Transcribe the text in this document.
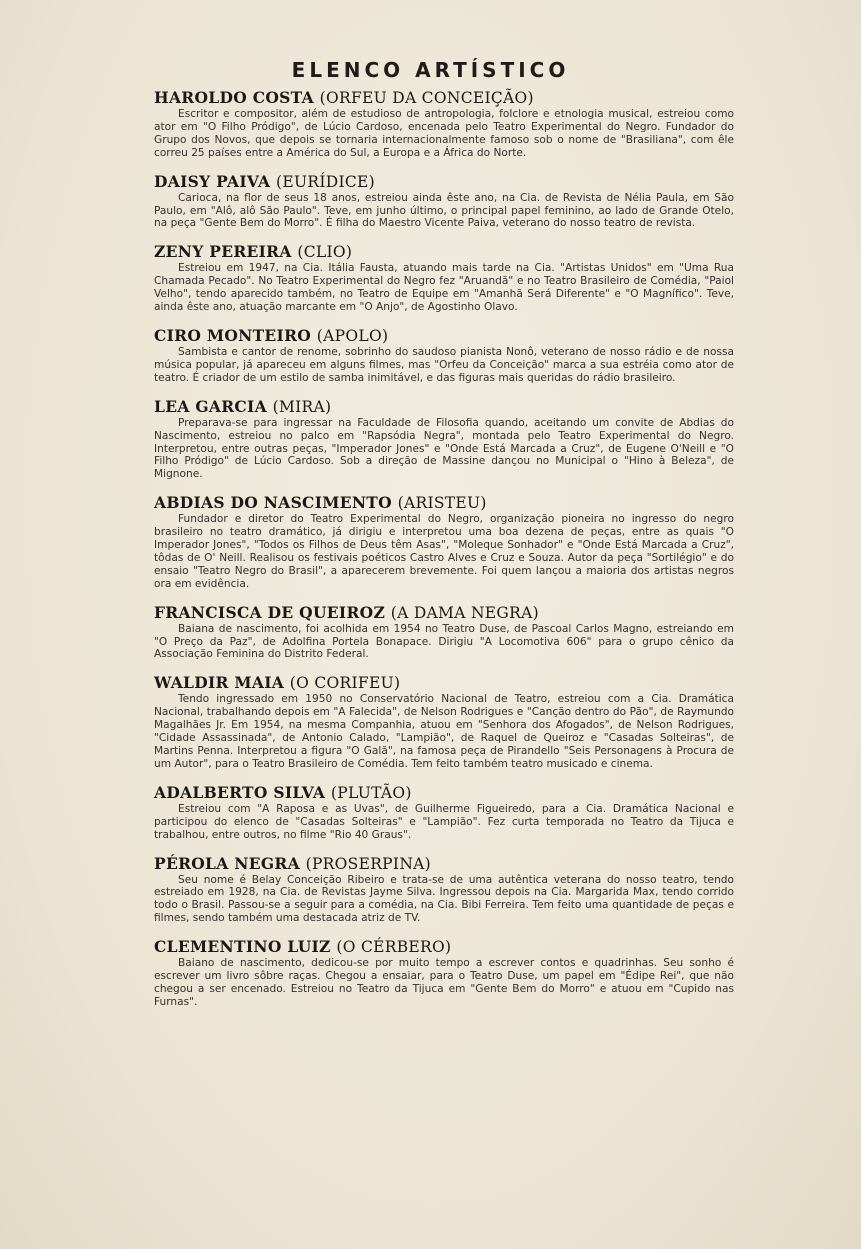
ELENCO ARTÍSTICO
HAROLDO COSTA (ORFEU DA CONCEIÇÃO)

Escritor e compositor, além de estudioso de antropologia, folclore e etnologia musical, estreiou como ator em "O Filho Pródigo", de Lúcio Cardoso, encenada pelo Teatro Experimental do Negro. Fundador do Grupo dos Novos, que depois se tornaria internacionalmente famoso sob o nome de "Brasiliana", com êle correu 25 países entre a América do Sul, a Europa e a África do Norte.

DAISY PAIVA (EURÍDICE)

Carioca, na flor de seus 18 anos, estreiou ainda êste ano, na Cia. de Revista de Nélia Paula, em São Paulo, em "Alô, alô São Paulo". Teve, em junho último, o principal papel feminino, ao lado de Grande Otelo, na peça "Gente Bem do Morro". É filha do Maestro Vicente Paiva, veterano do nosso teatro de revista.

ZENY PEREIRA (CLIO)

Estreiou em 1947, na Cia. Itália Fausta, atuando mais tarde na Cia. "Artistas Unidos" em "Uma Rua Chamada Pecado". No Teatro Experimental do Negro fez "Aruandã" e no Teatro Brasileiro de Comédia, "Paiol Velho", tendo aparecido também, no Teatro de Equipe em "Amanhã Será Diferente" e "O Magnífico". Teve, ainda êste ano, atuação marcante em "O Anjo", de Agostinho Olavo.

CIRO MONTEIRO (APOLO)

Sambista e cantor de renome, sobrinho do saudoso pianista Nonô, veterano de nosso rádio e de nossa música popular, já apareceu em alguns filmes, mas "Orfeu da Conceição" marca a sua estréia como ator de teatro. É criador de um estilo de samba inimitável, e das figuras mais queridas do rádio brasileiro.

LEA GARCIA (MIRA)

Preparava-se para ingressar na Faculdade de Filosofia quando, aceitando um convite de Abdias do Nascimento, estreiou no palco em "Rapsódia Negra", montada pelo Teatro Experimental do Negro. Interpretou, entre outras peças, "Imperador Jones" e "Onde Está Marcada a Cruz", de Eugene O'Neill e "O Filho Pródigo" de Lúcio Cardoso. Sob a direção de Massine dançou no Municipal o "Hino à Beleza", de Mignone.

ABDIAS DO NASCIMENTO (ARISTEU)

Fundador e diretor do Teatro Experimental do Negro, organização pioneira no ingresso do negro brasileiro no teatro dramático, já dirigiu e interpretou uma boa dezena de peças, entre as quais "O Imperador Jones", "Todos os Filhos de Deus têm Asas", "Moleque Sonhador" e "Onde Está Marcada a Cruz", tôdas de O' Neill. Realisou os festivais poéticos Castro Alves e Cruz e Souza. Autor da peça "Sortilégio" e do ensaio "Teatro Negro do Brasil", a aparecerem brevemente. Foi quem lançou a maioria dos artistas negros ora em evidência.

FRANCISCA DE QUEIROZ (A DAMA NEGRA)

Baiana de nascimento, foi acolhida em 1954 no Teatro Duse, de Pascoal Carlos Magno, estreiando em "O Preço da Paz", de Adolfina Portela Bonapace. Dirigiu "A Locomotiva 606" para o grupo cênico da Associação Feminina do Distrito Federal.

WALDIR MAIA (O CORIFEU)

Tendo ingressado em 1950 no Conservatório Nacional de Teatro, estreiou com a Cia. Dramática Nacional, trabalhando depois em "A Falecida", de Nelson Rodrigues e "Canção dentro do Pão", de Raymundo Magalhães Jr. Em 1954, na mesma Companhia, atuou em "Senhora dos Afogados", de Nelson Rodrigues, "Cidade Assassinada", de Antonio Calado, "Lampião", de Raquel de Queiroz e "Casadas Solteiras", de Martins Penna. Interpretou a figura "O Galã", na famosa peça de Pirandello "Seis Personagens à Procura de um Autor", para o Teatro Brasileiro de Comédia. Tem feito também teatro musicado e cinema.

ADALBERTO SILVA (PLUTÃO)

Estreiou com "A Raposa e as Uvas", de Guilherme Figueiredo, para a Cia. Dramática Nacional e participou do elenco de "Casadas Solteiras" e "Lampião". Fez curta temporada no Teatro da Tijuca e trabalhou, entre outros, no filme "Rio 40 Graus".

PÉROLA NEGRA (PROSERPINA)

Seu nome é Belay Conceição Ribeiro e trata-se de uma autêntica veterana do nosso teatro, tendo estreiado em 1928, na Cia. de Revistas Jayme Silva. Ingressou depois na Cia. Margarida Max, tendo corrido todo o Brasil. Passou-se a seguir para a comédia, na Cia. Bibi Ferreira. Tem feito uma quantidade de peças e filmes, sendo também uma destacada atriz de TV.

CLEMENTINO LUIZ (O CÉRBERO)

Baiano de nascimento, dedicou-se por muito tempo a escrever contos e quadrinhas. Seu sonho é escrever um livro sôbre raças. Chegou a ensaiar, para o Teatro Duse, um papel em "Édipe Rei", que não chegou a ser encenado. Estreiou no Teatro da Tijuca em "Gente Bem do Morro" e atuou em "Cupido nas Furnas".
